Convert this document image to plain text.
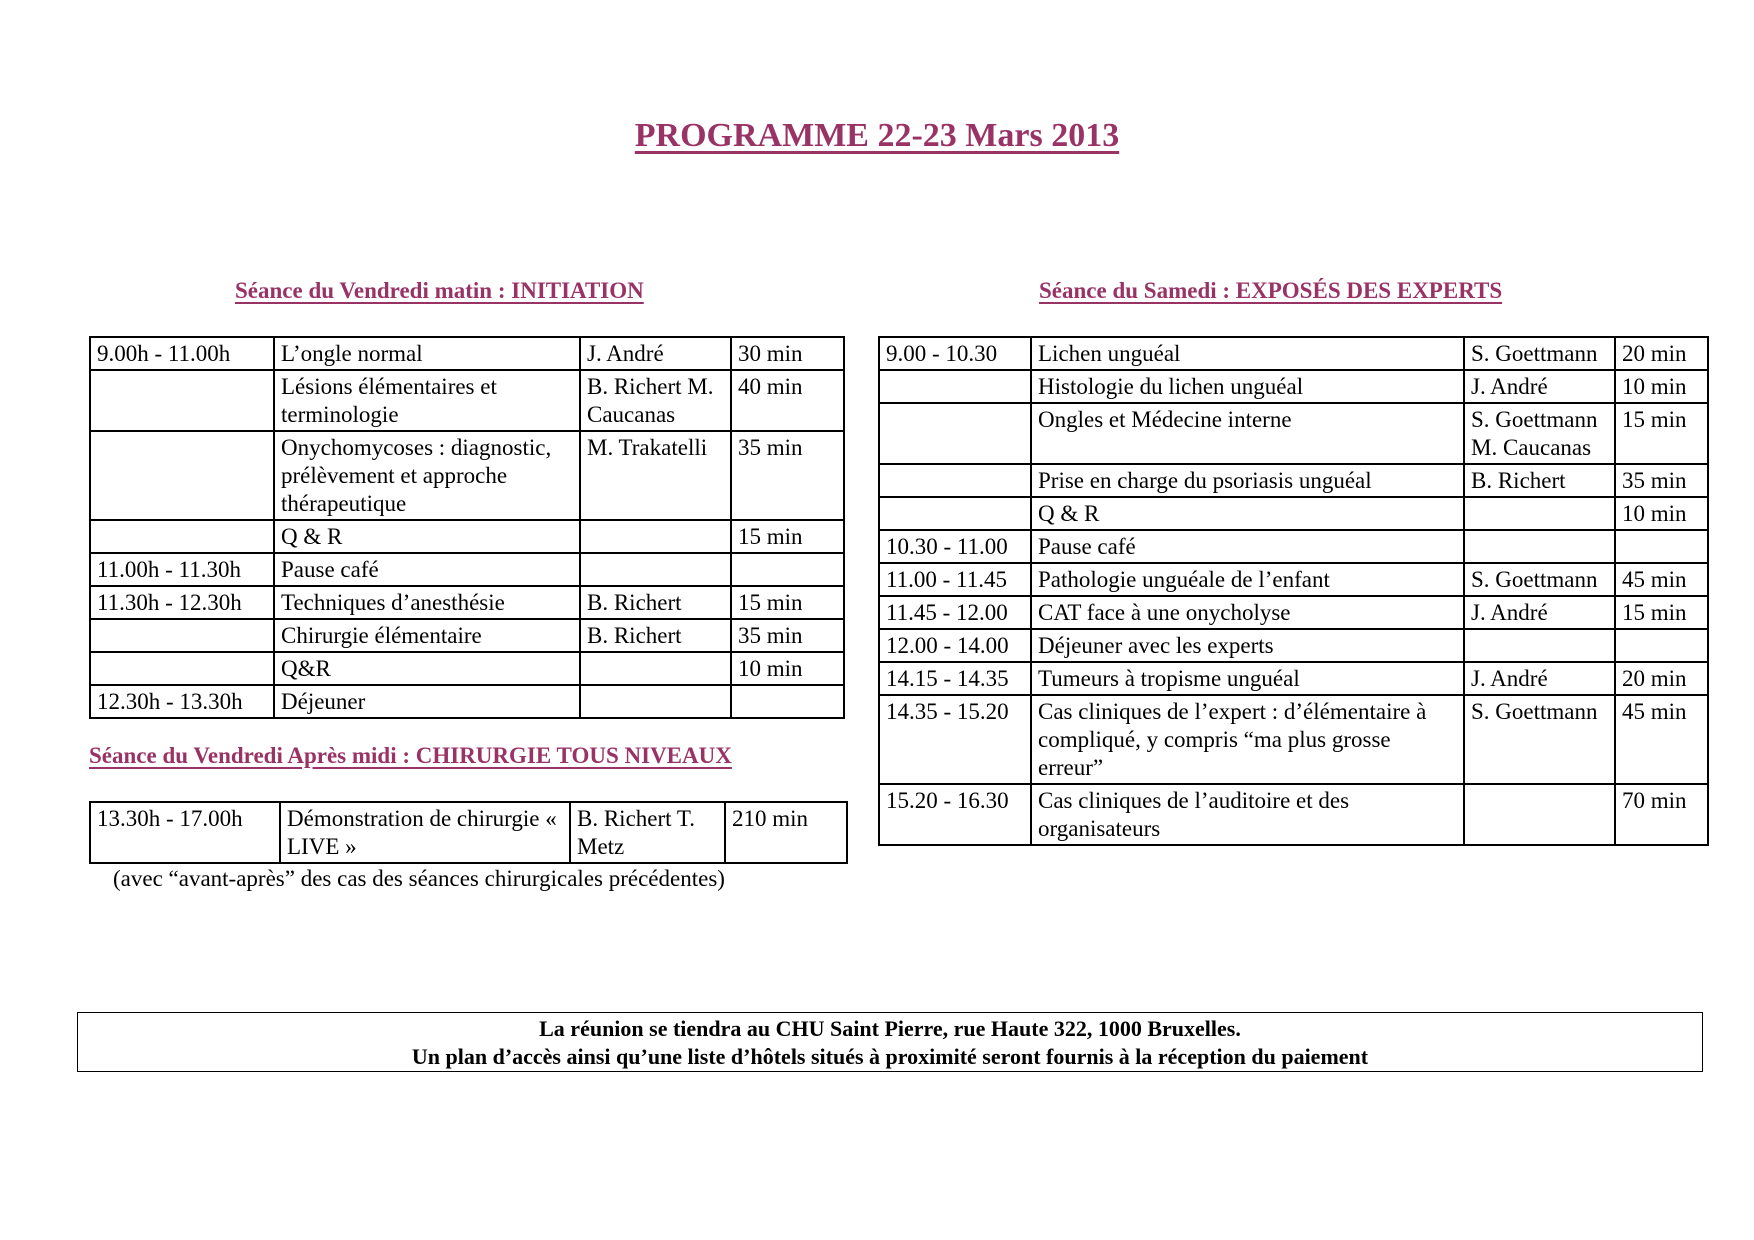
PROGRAMME 22-23 Mars 2013
Séance du Vendredi matin : INITIATION
9.00h - 11.00h	L’ongle normal	J. André	30 min
	Lésions élémentaires et terminologie	B. Richert M. Caucanas	40 min
	Onychomycoses : diagnostic, prélèvement et approche thérapeutique	M. Trakatelli	35 min
	Q & R		15 min
11.00h - 11.30h	Pause café		
11.30h - 12.30h	Techniques d’anesthésie	B. Richert	15 min
	Chirurgie élémentaire	B. Richert	35 min
	Q&R		10 min
12.30h - 13.30h	Déjeuner		
Séance du Vendredi Après midi : CHIRURGIE TOUS NIVEAUX
13.30h - 17.00h	Démonstration de chirurgie « LIVE »	B. Richert T. Metz	210 min
(avec “avant-après” des cas des séances chirurgicales précédentes)
Séance du Samedi : EXPOSÉS DES EXPERTS
9.00 - 10.30	Lichen unguéal	S. Goettmann	20 min
	Histologie du lichen unguéal	J. André	10 min
	Ongles et Médecine interne	S. Goettmann M. Caucanas	15 min
	Prise en charge du psoriasis unguéal	B. Richert	35 min
	Q & R		10 min
10.30 - 11.00	Pause café		
11.00 - 11.45	Pathologie unguéale de l’enfant	S. Goettmann	45 min
11.45 - 12.00	CAT face à une onycholyse	J. André	15 min
12.00 - 14.00	Déjeuner avec les experts		
14.15 - 14.35	Tumeurs à tropisme unguéal	J. André	20 min
14.35 - 15.20	Cas cliniques de l’expert : d’élémentaire à compliqué, y compris “ma plus grosse erreur”	S. Goettmann	45 min
15.20 - 16.30	Cas cliniques de l’auditoire et des organisateurs		70 min
La réunion se tiendra au CHU Saint Pierre, rue Haute 322, 1000 Bruxelles.
Un plan d’accès ainsi qu’une liste d’hôtels situés à proximité seront fournis à la réception du paiement
